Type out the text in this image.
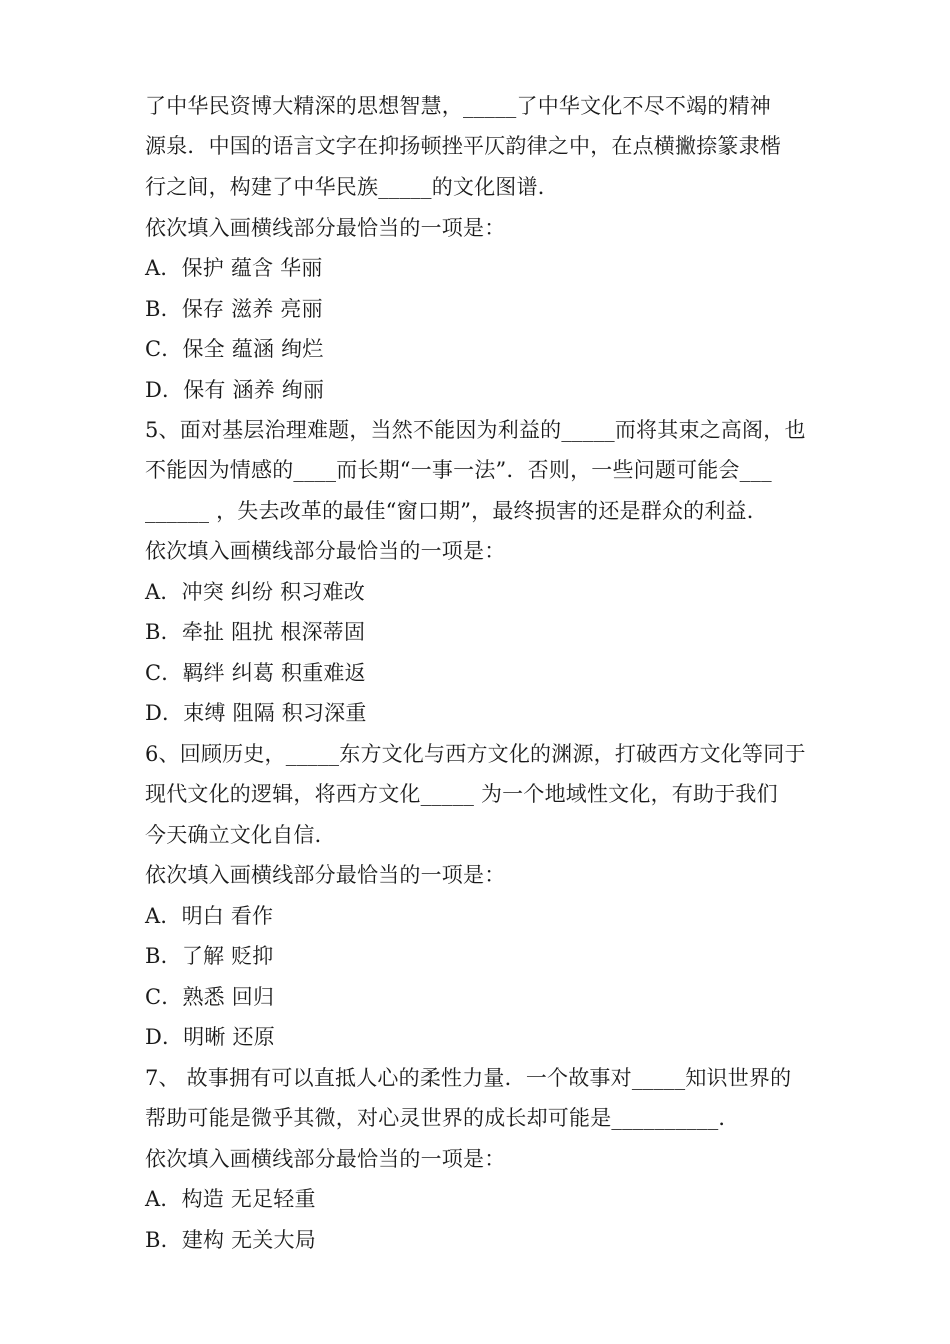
了中华民资博大精深的思想智慧，_____了中华文化不尽不竭的精神
源泉．中国的语言文字在抑扬顿挫平仄韵律之中，在点横撇捺篆隶楷
行之间，构建了中华民族_____的文化图谱．
依次填入画横线部分最恰当的一项是：
A．保护 蕴含 华丽
B．保存 滋养 亮丽
C．保全 蕴涵 绚烂
D．保有 涵养 绚丽
5、面对基层治理难题，当然不能因为利益的_____而将其束之高阁，也
不能因为情感的____而长期“一事一法”．否则，一些问题可能会___
______ ，失去改革的最佳“窗口期”，最终损害的还是群众的利益．
依次填入画横线部分最恰当的一项是：
A．冲突 纠纷 积习难改
B．牵扯 阻扰 根深蒂固
C．羁绊 纠葛 积重难返
D．束缚 阻隔 积习深重
6、回顾历史，_____东方文化与西方文化的渊源，打破西方文化等同于
现代文化的逻辑，将西方文化_____ 为一个地域性文化，有助于我们
今天确立文化自信．
依次填入画横线部分最恰当的一项是：
A．明白 看作
B．了解 贬抑
C．熟悉 回归
D．明晰 还原
7、 故事拥有可以直抵人心的柔性力量．一个故事对_____知识世界的
帮助可能是微乎其微，对心灵世界的成长却可能是__________．
依次填入画横线部分最恰当的一项是：
A．构造 无足轻重
B．建构 无关大局
